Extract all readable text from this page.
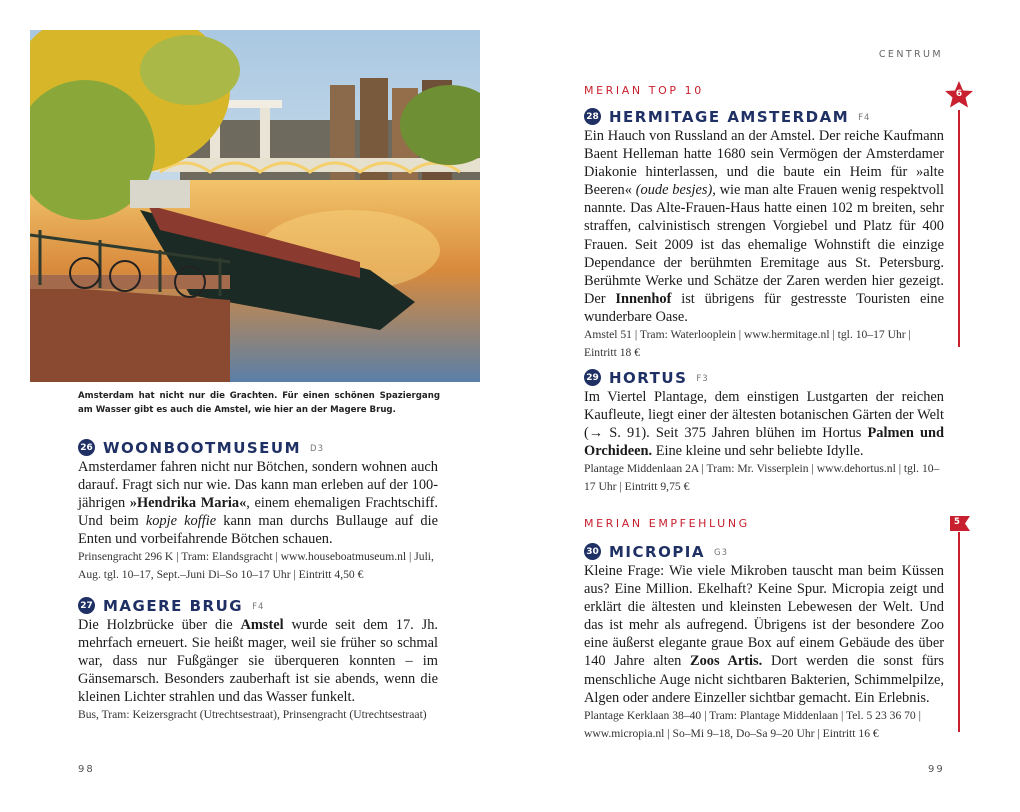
Amsterdam hat nicht nur die Grachten. Für einen schönen Spaziergang am Wasser gibt es auch die Amstel, wie hier an der Magere Brug.
26 WOONBOOTMUSEUM D3

Amsterdamer fahren nicht nur Bötchen, sondern wohnen auch darauf. Fragt sich nur wie. Das kann man erleben auf der 100-jährigen »Hendrika Maria«, einem ehemaligen Frachtschiff. Und beim kopje koffie kann man durchs Bullauge auf die Enten und vorbeifahrende Bötchen schauen.

Prinsengracht 296 K | Tram: Elandsgracht | www.houseboatmuseum.nl | Juli, Aug. tgl. 10–17, Sept.–Juni Di–So 10–17 Uhr | Eintritt 4,50 €

27 MAGERE BRUG F4

Die Holzbrücke über die Amstel wurde seit dem 17. Jh. mehrfach erneuert. Sie heißt mager, weil sie früher so schmal war, dass nur Fußgänger sie überqueren konnten – im Gänsemarsch. Besonders zauberhaft ist sie abends, wenn die kleinen Lichter strahlen und das Wasser funkelt.

Bus, Tram: Keizersgracht (Utrechtsestraat), Prinsengracht (Utrechtsestraat)

98
CENTRUM
MERIAN TOP 10	6
28 HERMITAGE AMSTERDAM F4

Ein Hauch von Russland an der Amstel. Der reiche Kaufmann Baent Helleman hatte 1680 sein Vermögen der Amsterdamer Diakonie hinterlassen, und die baute ein Heim für »alte Beeren« (oude besjes), wie man alte Frauen wenig respektvoll nannte. Das Alte-Frauen-Haus hatte einen 102 m breiten, sehr straffen, calvinistisch strengen Vorgiebel und Platz für 400 Frauen. Seit 2009 ist das ehemalige Wohnstift die einzige Dependance der berühmten Eremitage aus St. Petersburg. Berühmte Werke und Schätze der Zaren werden hier gezeigt. Der Innenhof ist übrigens für gestresste Touristen eine wunderbare Oase.

Amstel 51 | Tram: Waterlooplein | www.hermitage.nl | tgl. 10–17 Uhr | Eintritt 18 €

29 HORTUS F3

Im Viertel Plantage, dem einstigen Lustgarten der reichen Kaufleute, liegt einer der ältesten botanischen Gärten der Welt (→ S. 91). Seit 375 Jahren blühen im Hortus Palmen und Orchideen. Eine kleine und sehr beliebte Idylle.

Plantage Middenlaan 2A | Tram: Mr. Visserplein | www.dehortus.nl | tgl. 10–17 Uhr | Eintritt 9,75 €

MERIAN EMPFEHLUNG	5
30 MICROPIA G3

Kleine Frage: Wie viele Mikroben tauscht man beim Küssen aus? Eine Million. Ekelhaft? Keine Spur. Micropia zeigt und erklärt die ältesten und kleinsten Lebewesen der Welt. Und das ist mehr als aufregend. Übrigens ist der besondere Zoo eine äußerst elegante graue Box auf einem Gebäude des über 140 Jahre alten Zoos Artis. Dort werden die sonst fürs menschliche Auge nicht sichtbaren Bakterien, Schimmelpilze, Algen oder andere Einzeller sichtbar gemacht. Ein Erlebnis.

Plantage Kerklaan 38–40 | Tram: Plantage Middenlaan | Tel. 5 23 36 70 | www.micropia.nl | So–Mi 9–18, Do–Sa 9–20 Uhr | Eintritt 16 €

99
